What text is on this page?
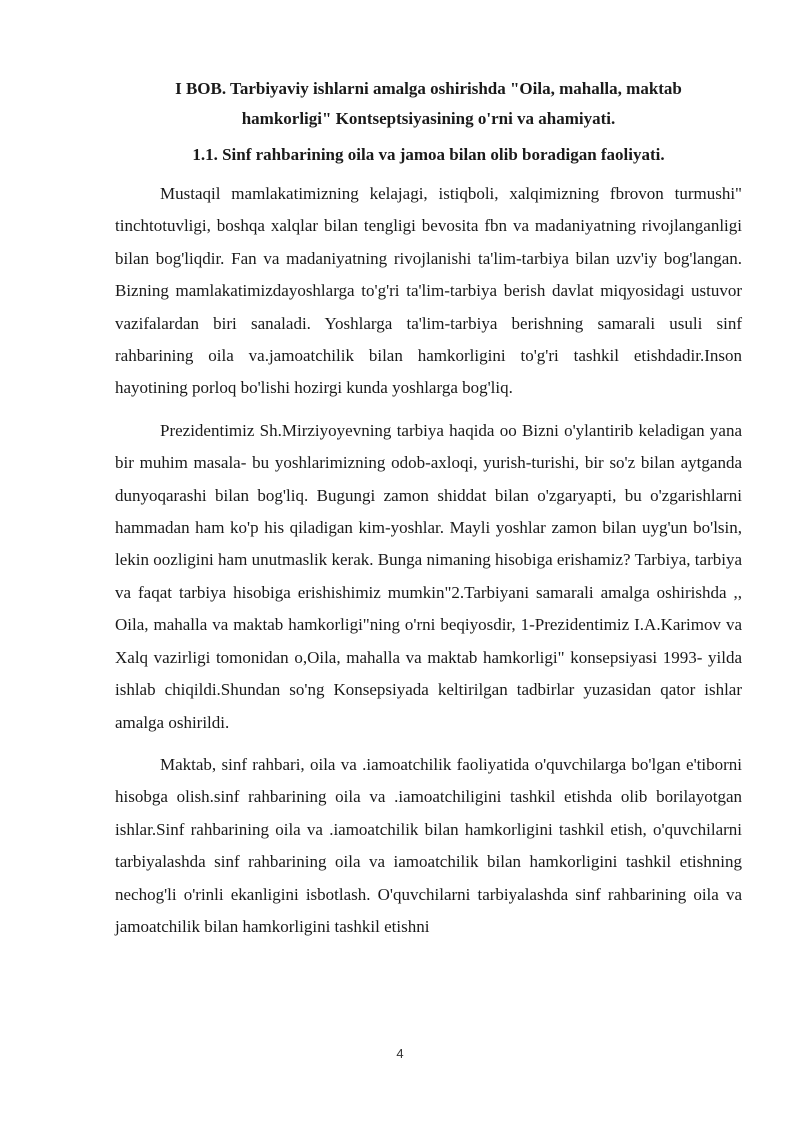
I BOB. Tarbiyaviy ishlarni amalga oshirishda "Oila, mahalla, maktab hamkorligi" Kontseptsiyasining o'rni va ahamiyati.
1.1. Sinf rahbarining oila va jamoa bilan olib boradigan faoliyati.

Mustaqil mamlakatimizning kelajagi, istiqboli, xalqimizning fbrovon turmushi" tinchtotuvligi, boshqa xalqlar bilan tengligi bevosita fbn va madaniyatning rivojlanganligi bilan bog'liqdir. Fan va madaniyatning rivojlanishi ta'lim-tarbiya bilan uzv'iy bog'langan. Bizning mamlakatimizdayoshlarga to'g'ri ta'lim-tarbiya berish davlat miqyosidagi ustuvor vazifalardan biri sanaladi. Yoshlarga ta'lim-tarbiya berishning samarali usuli sinf rahbarining oila va.jamoatchilik bilan hamkorligini to'g'ri tashkil etishdadir.Inson hayotining porloq bo'lishi hozirgi kunda yoshlarga bog'liq.

Prezidentimiz Sh.Mirziyoyevning tarbiya haqida oo Bizni o'ylantirib keladigan yana bir muhim masala- bu yoshlarimizning odob-axloqi, yurish-turishi, bir so'z bilan aytganda dunyoqarashi bilan bog'liq. Bugungi zamon shiddat bilan o'zgaryapti, bu o'zgarishlarni hammadan ham ko'p his qiladigan kim-yoshlar. Mayli yoshlar zamon bilan uyg'un bo'lsin, lekin oozligini ham unutmaslik kerak. Bunga nimaning hisobiga erishamiz? Tarbiya, tarbiya va faqat tarbiya hisobiga erishishimiz mumkin"2.Tarbiyani samarali amalga oshirishda ,, Oila, mahalla va maktab hamkorligi"ning o'rni beqiyosdir, 1-Prezidentimiz I.A.Karimov va Xalq vazirligi tomonidan o,Oila, mahalla va maktab hamkorligi" konsepsiyasi 1993- yilda ishlab chiqildi.Shundan so'ng Konsepsiyada keltirilgan tadbirlar yuzasidan qator ishlar amalga oshirildi.

Maktab, sinf rahbari, oila va .iamoatchilik faoliyatida o'quvchilarga bo'lgan e'tiborni hisobga olish.sinf rahbarining oila va .iamoatchiligini tashkil etishda olib borilayotgan ishlar.Sinf rahbarining oila va .iamoatchilik bilan hamkorligini tashkil etish, o'quvchilarni tarbiyalashda sinf rahbarining oila va iamoatchilik bilan hamkorligini tashkil etishning nechog'li o'rinli ekanligini isbotlash. O'quvchilarni tarbiyalashda sinf rahbarining oila va jamoatchilik bilan hamkorligini tashkil etishni

4
